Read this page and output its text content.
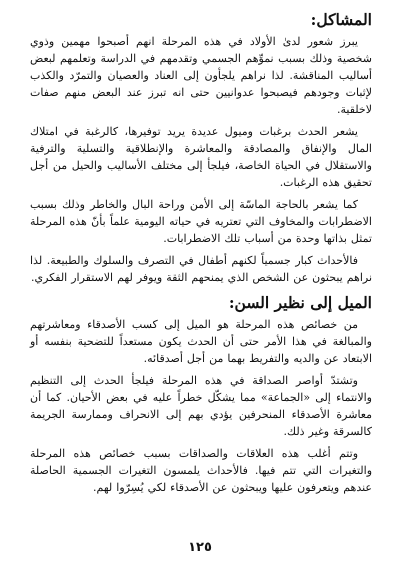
المشاكل:

يبرز شعور لدىٰ الأولاد في هذه المرحلة انهم أصبحوا مهمين وذوي شخصية وذلك بسبب نموِّهم الجسمي وتقدمهم في الدراسة وتعلمهم لبعض أساليب المناقشة. لذا نراهم يلجأون إلى العناد والعصيان والتمرّد والكذب لإثبات وجودهم فيصبحوا عدوانيين حتى انه تبرز عند البعض منهم صفات لاخلقية.

يشعر الحدث برغبات وميول عديدة يريد توفيرها، كالرغبة في امتلاك المال والإنفاق والمصادقة والمعاشرة والإنطلاقية والتسلية والترفية والاستقلال في الحياة الخاصة، فيلجأ إلى مختلف الأساليب والحيل من أجل تحقيق هذه الرغبات.

كما يشعر بالحاجة الماسّة إلى الأمن وراحة البال والخاطر وذلك بسبب الاضطرابات والمخاوف التي تعتريه في حياته اليومية علماً بأنّ هذه المرحلة تمثل بذاتها وحدة من أسباب تلك الاضطرابات.

فالأحداث كبار جسمياً لكنهم أطفال في التصرف والسلوك والطبيعة. لذا نراهم يبحثون عن الشخص الذي يمنحهم الثقة ويوفر لهم الاستقرار الفكري.

الميل إلى نظير السن:

من خصائص هذه المرحلة هو الميل إلى كسب الأصدقاء ومعاشرتهم والمبالغة في هذا الأمر حتى أن الحدث يكون مستعداً للتضحية بنفسه أو الابتعاد عن والديه والتفريط بهما من أجل أصدقائه.

وتشتدّ أواصر الصداقة في هذه المرحلة فيلجأ الحدث إلى التنظيم والانتماء إلى «الجماعة» مما يشكّل خطراً عليه في بعض الأحيان. كما أن معاشرة الأصدقاء المنحرفين يؤدي بهم إلى الانحراف وممارسة الجريمة كالسرقة وغير ذلك.

وتتم أغلب هذه العلاقات والصداقات بسبب خصائص هذه المرحلة والتغيرات التي تتم فيها. فالأحداث يلمسون التغيرات الجسمية الحاصلة عندهم ويتعرفون عليها ويبحثون عن الأصدقاء لكي يُسِرّوا لهم.

١٢٥
